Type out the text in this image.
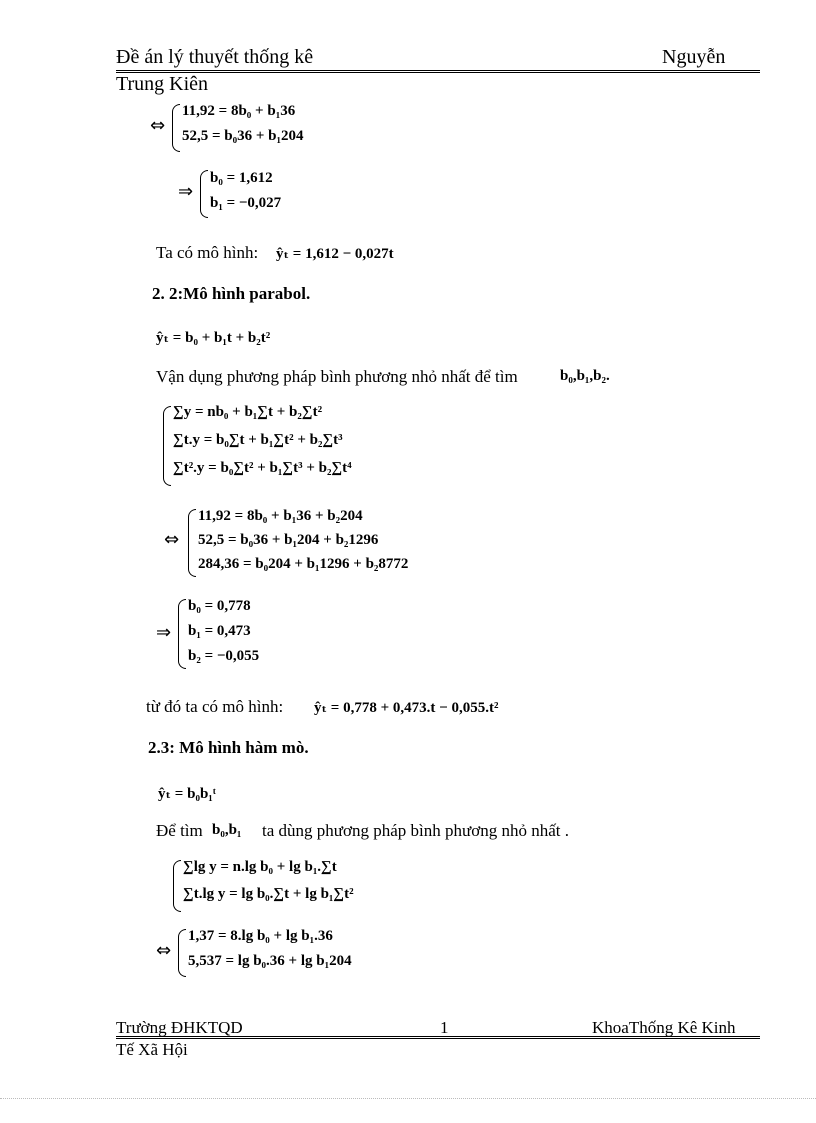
Đề án lý thuyết thống kê	Nguyễn
Trung Kiên
⇔
11,92 = 8b₀ + b₁36
52,5 = b₀36 + b₁204
⇒
b₀ = 1,612
b₁ = −0,027
Ta có mô hình: ŷₜ = 1,612 − 0,027t
2. 2:Mô hình parabol.
ŷₜ = b₀ + b₁t + b₂t²
Vận dụng phương pháp bình phương nhỏ nhất để tìm	b₀,b₁,b₂.
∑y = nb₀ + b₁∑t + b₂∑t²
∑t.y = b₀∑t + b₁∑t² + b₂∑t³
∑t².y = b₀∑t² + b₁∑t³ + b₂∑t⁴
⇔
11,92 = 8b₀ + b₁36 + b₂204
52,5 = b₀36 + b₁204 + b₂1296
284,36 = b₀204 + b₁1296 + b₂8772
⇒
b₀ = 0,778
b₁ = 0,473
b₂ = −0,055
từ đó ta có mô hình: ŷₜ = 0,778 + 0,473.t − 0,055.t²
2.3: Mô hình hàm mò.
ŷₜ = b₀b₁ᵗ
Để tìm b₀,b₁ ta dùng phương pháp bình phương nhỏ nhất .
∑lg y = n.lg b₀ + lg b₁.∑t
∑t.lg y = lg b₀.∑t + lg b₁∑t²
⇔
1,37 = 8.lg b₀ + lg b₁.36
5,537 = lg b₀.36 + lg b₁204
Trường ĐHKTQD	1	KhoaThống Kê Kinh
Tế Xã Hội
